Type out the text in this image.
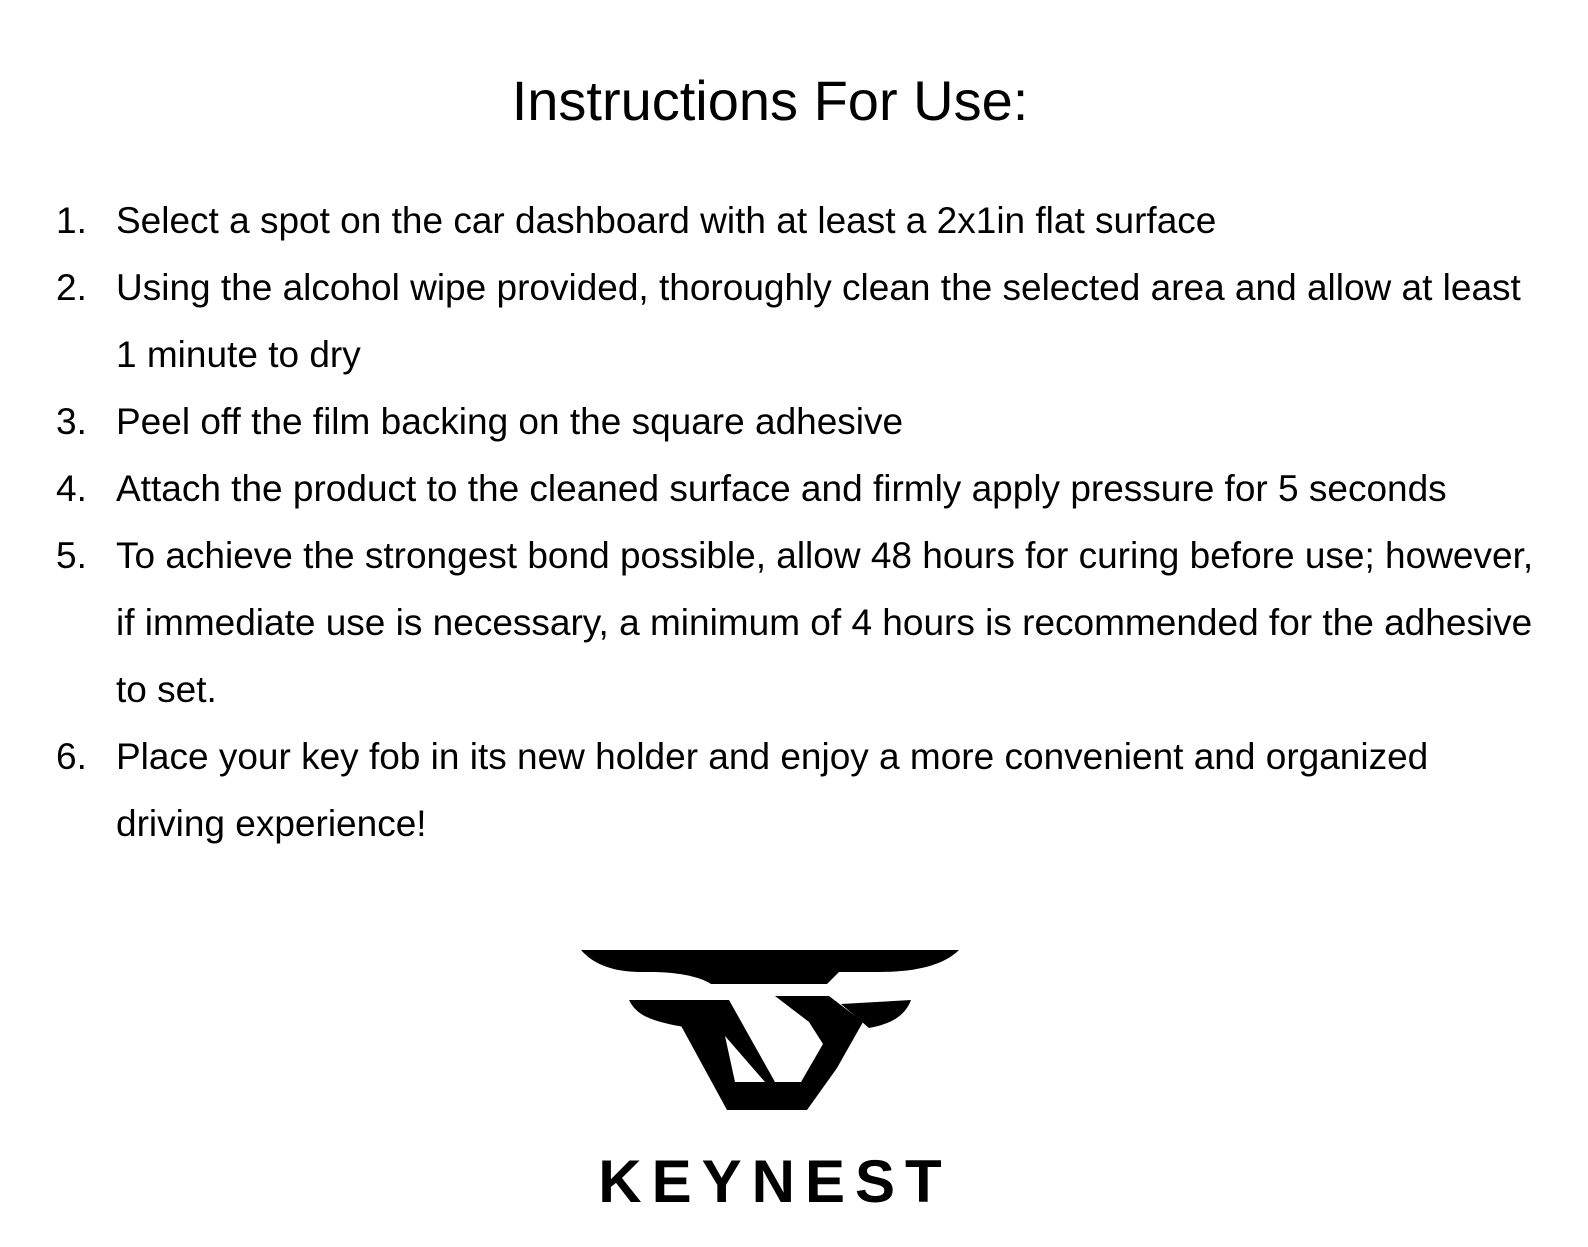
Instructions For Use:
1. Select a spot on the car dashboard with at least a 2x1in flat surface
2. Using the alcohol wipe provided, thoroughly clean the selected area and allow at least 1 minute to dry
3. Peel off the film backing on the square adhesive
4. Attach the product to the cleaned surface and firmly apply pressure for 5 seconds
5. To achieve the strongest bond possible, allow 48 hours for curing before use; however, if immediate use is necessary, a minimum of 4 hours is recommended for the adhesive to set.
6. Place your key fob in its new holder and enjoy a more convenient and organized driving experience!
KEYNEST
